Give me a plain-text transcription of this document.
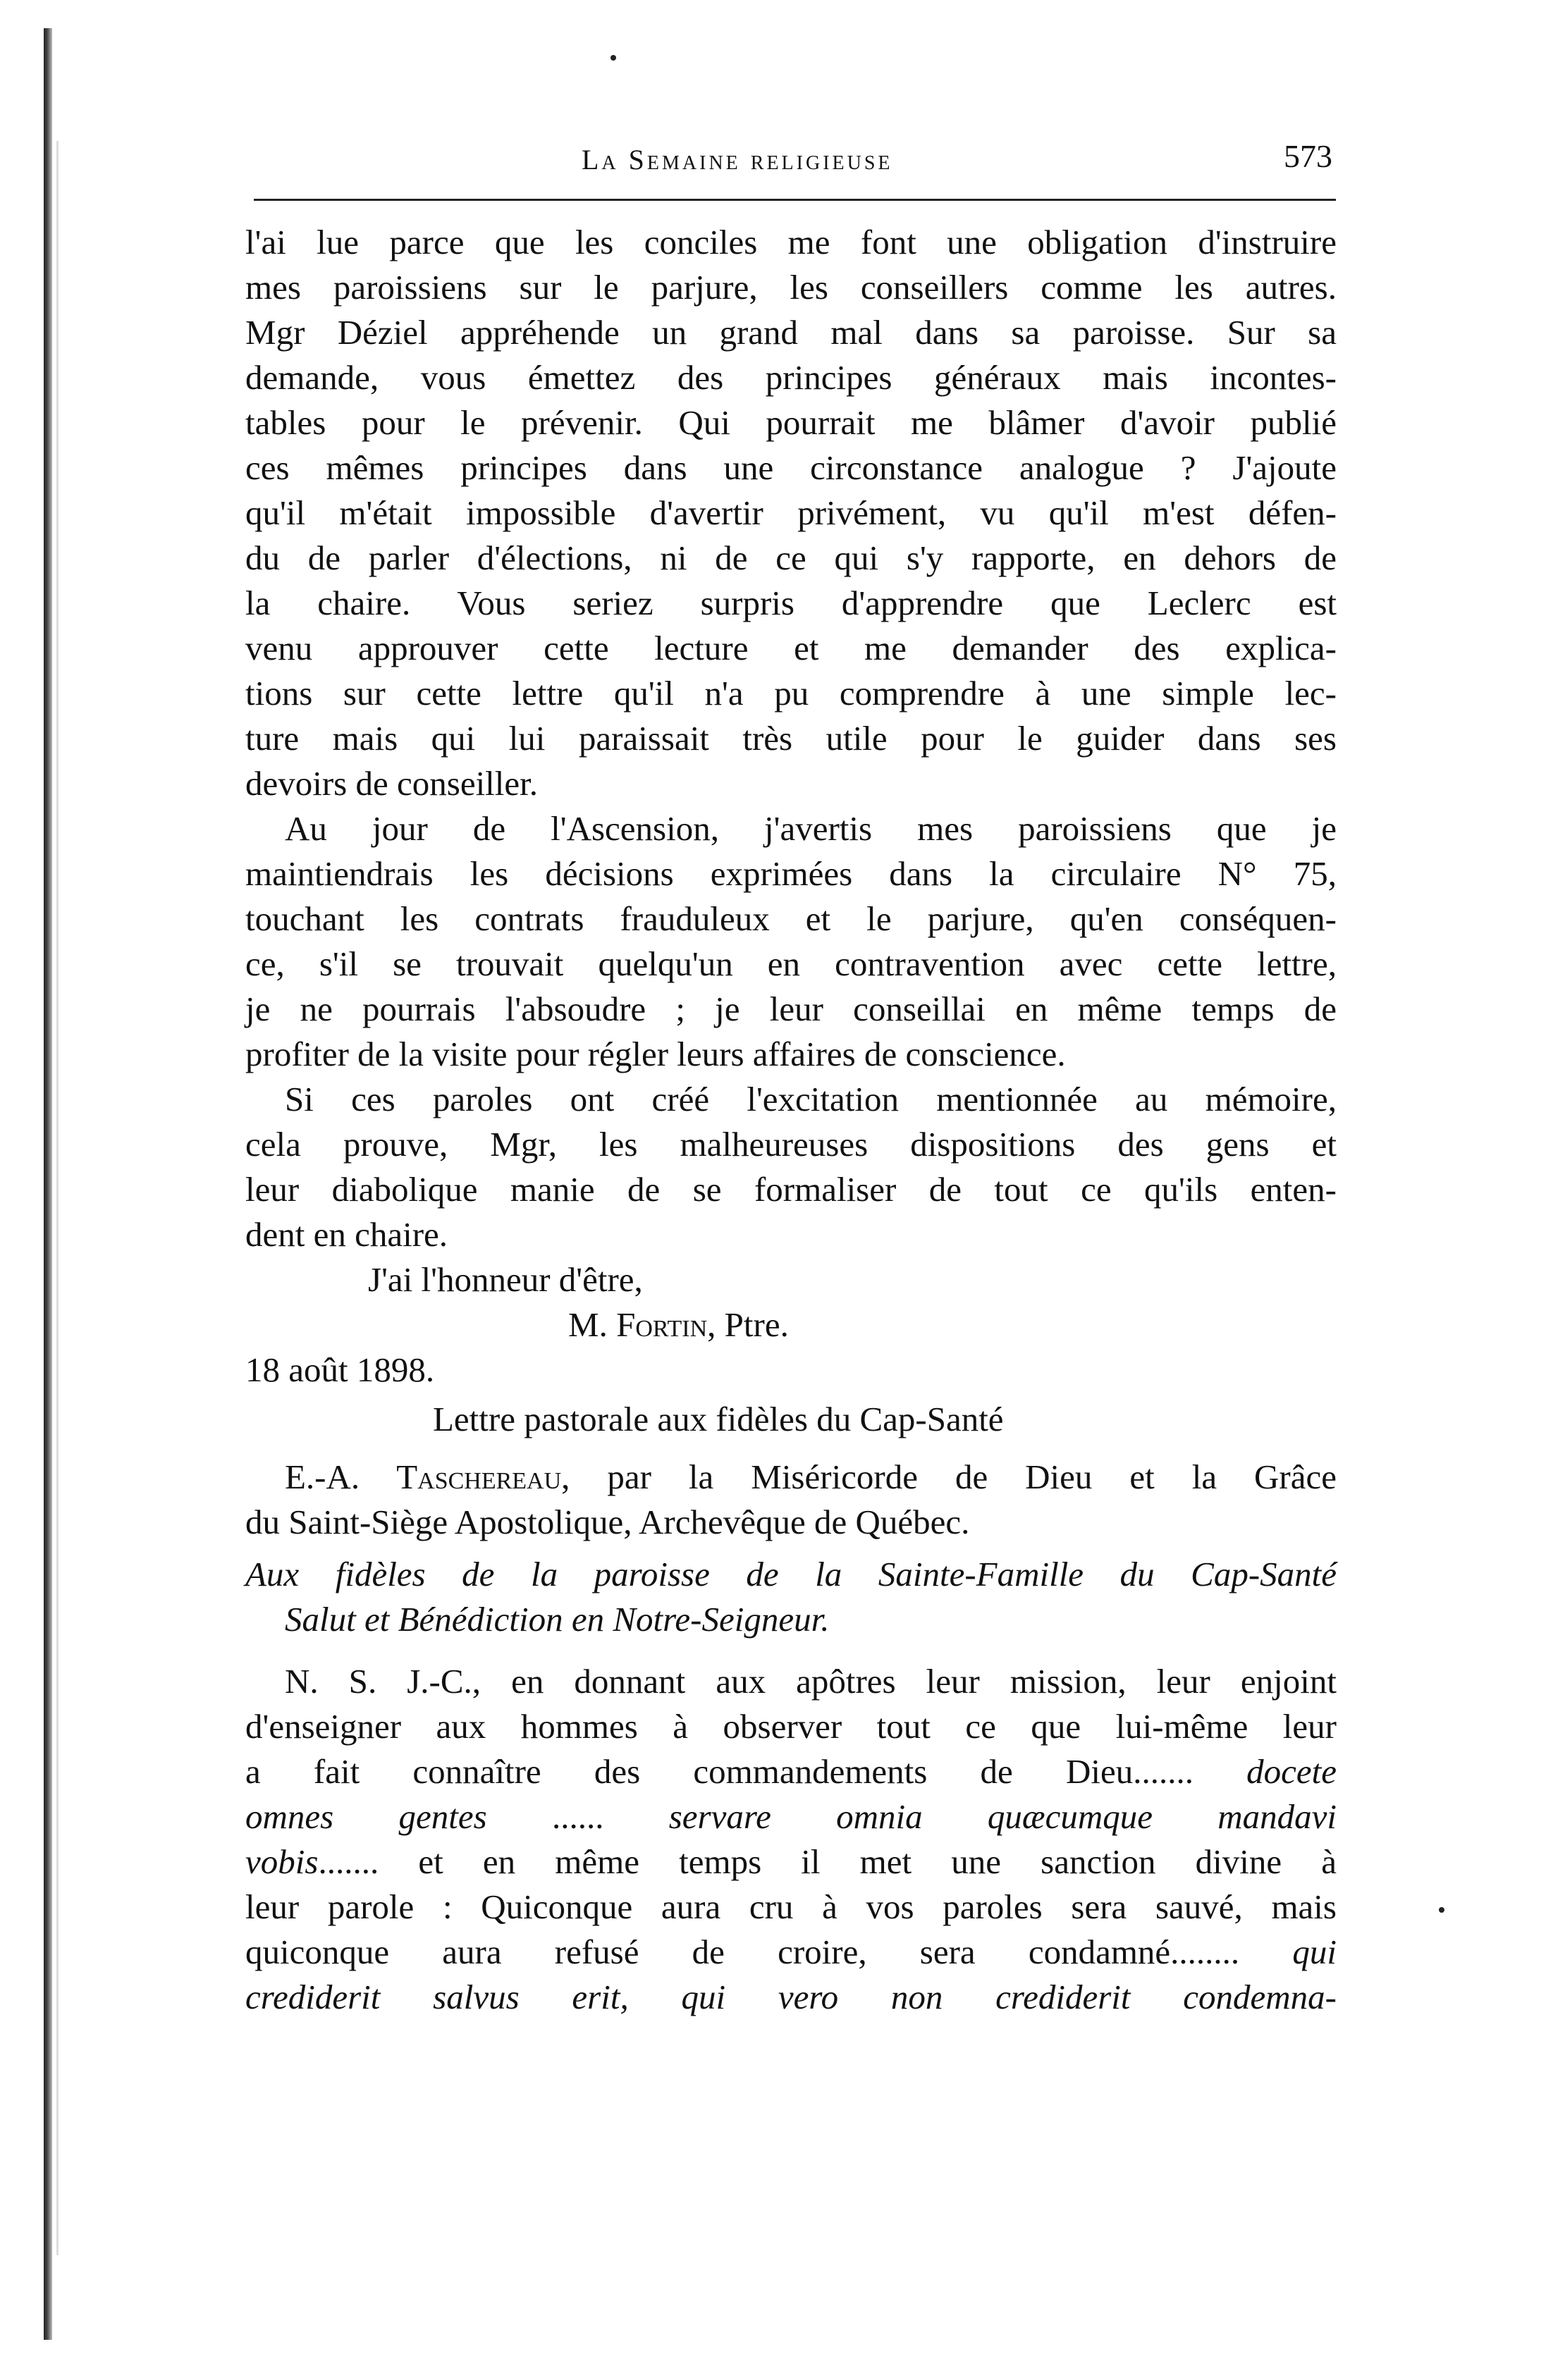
La Semaine religieuse	573
l'ai lue parce que les conciles me font une obligation d'instruire
mes paroissiens sur le parjure, les conseillers comme les autres.
Mgr Déziel appréhende un grand mal dans sa paroisse. Sur sa
demande, vous émettez des principes généraux mais incontes-
tables pour le prévenir. Qui pourrait me blâmer d'avoir publié
ces mêmes principes dans une circonstance analogue ? J'ajoute
qu'il m'était impossible d'avertir privément, vu qu'il m'est défen-
du de parler d'élections, ni de ce qui s'y rapporte, en dehors de
la chaire. Vous seriez surpris d'apprendre que Leclerc est
venu approuver cette lecture et me demander des explica-
tions sur cette lettre qu'il n'a pu comprendre à une simple lec-
ture mais qui lui paraissait très utile pour le guider dans ses
devoirs de conseiller.
Au jour de l'Ascension, j'avertis mes paroissiens que je
maintiendrais les décisions exprimées dans la circulaire N° 75,
touchant les contrats frauduleux et le parjure, qu'en conséquen-
ce, s'il se trouvait quelqu'un en contravention avec cette lettre,
je ne pourrais l'absoudre ; je leur conseillai en même temps de
profiter de la visite pour régler leurs affaires de conscience.
Si ces paroles ont créé l'excitation mentionnée au mémoire,
cela prouve, Mgr, les malheureuses dispositions des gens et
leur diabolique manie de se formaliser de tout ce qu'ils enten-
dent en chaire.
J'ai l'honneur d'être,
M. Fortin, Ptre.
18 août 1898.
Lettre pastorale aux fidèles du Cap-Santé
E.-A. Taschereau, par la Miséricorde de Dieu et la Grâce
du Saint-Siège Apostolique, Archevêque de Québec.
Aux fidèles de la paroisse de la Sainte-Famille du Cap-Santé
Salut et Bénédiction en Notre-Seigneur.
N. S. J.-C., en donnant aux apôtres leur mission, leur enjoint
d'enseigner aux hommes à observer tout ce que lui-même leur
a fait connaître des commandements de Dieu....... docete
omnes gentes ...... servare omnia quæcumque mandavi
vobis....... et en même temps il met une sanction divine à
leur parole : Quiconque aura cru à vos paroles sera sauvé, mais
quiconque aura refusé de croire, sera condamné........ qui
crediderit salvus erit, qui vero non crediderit condemna-
